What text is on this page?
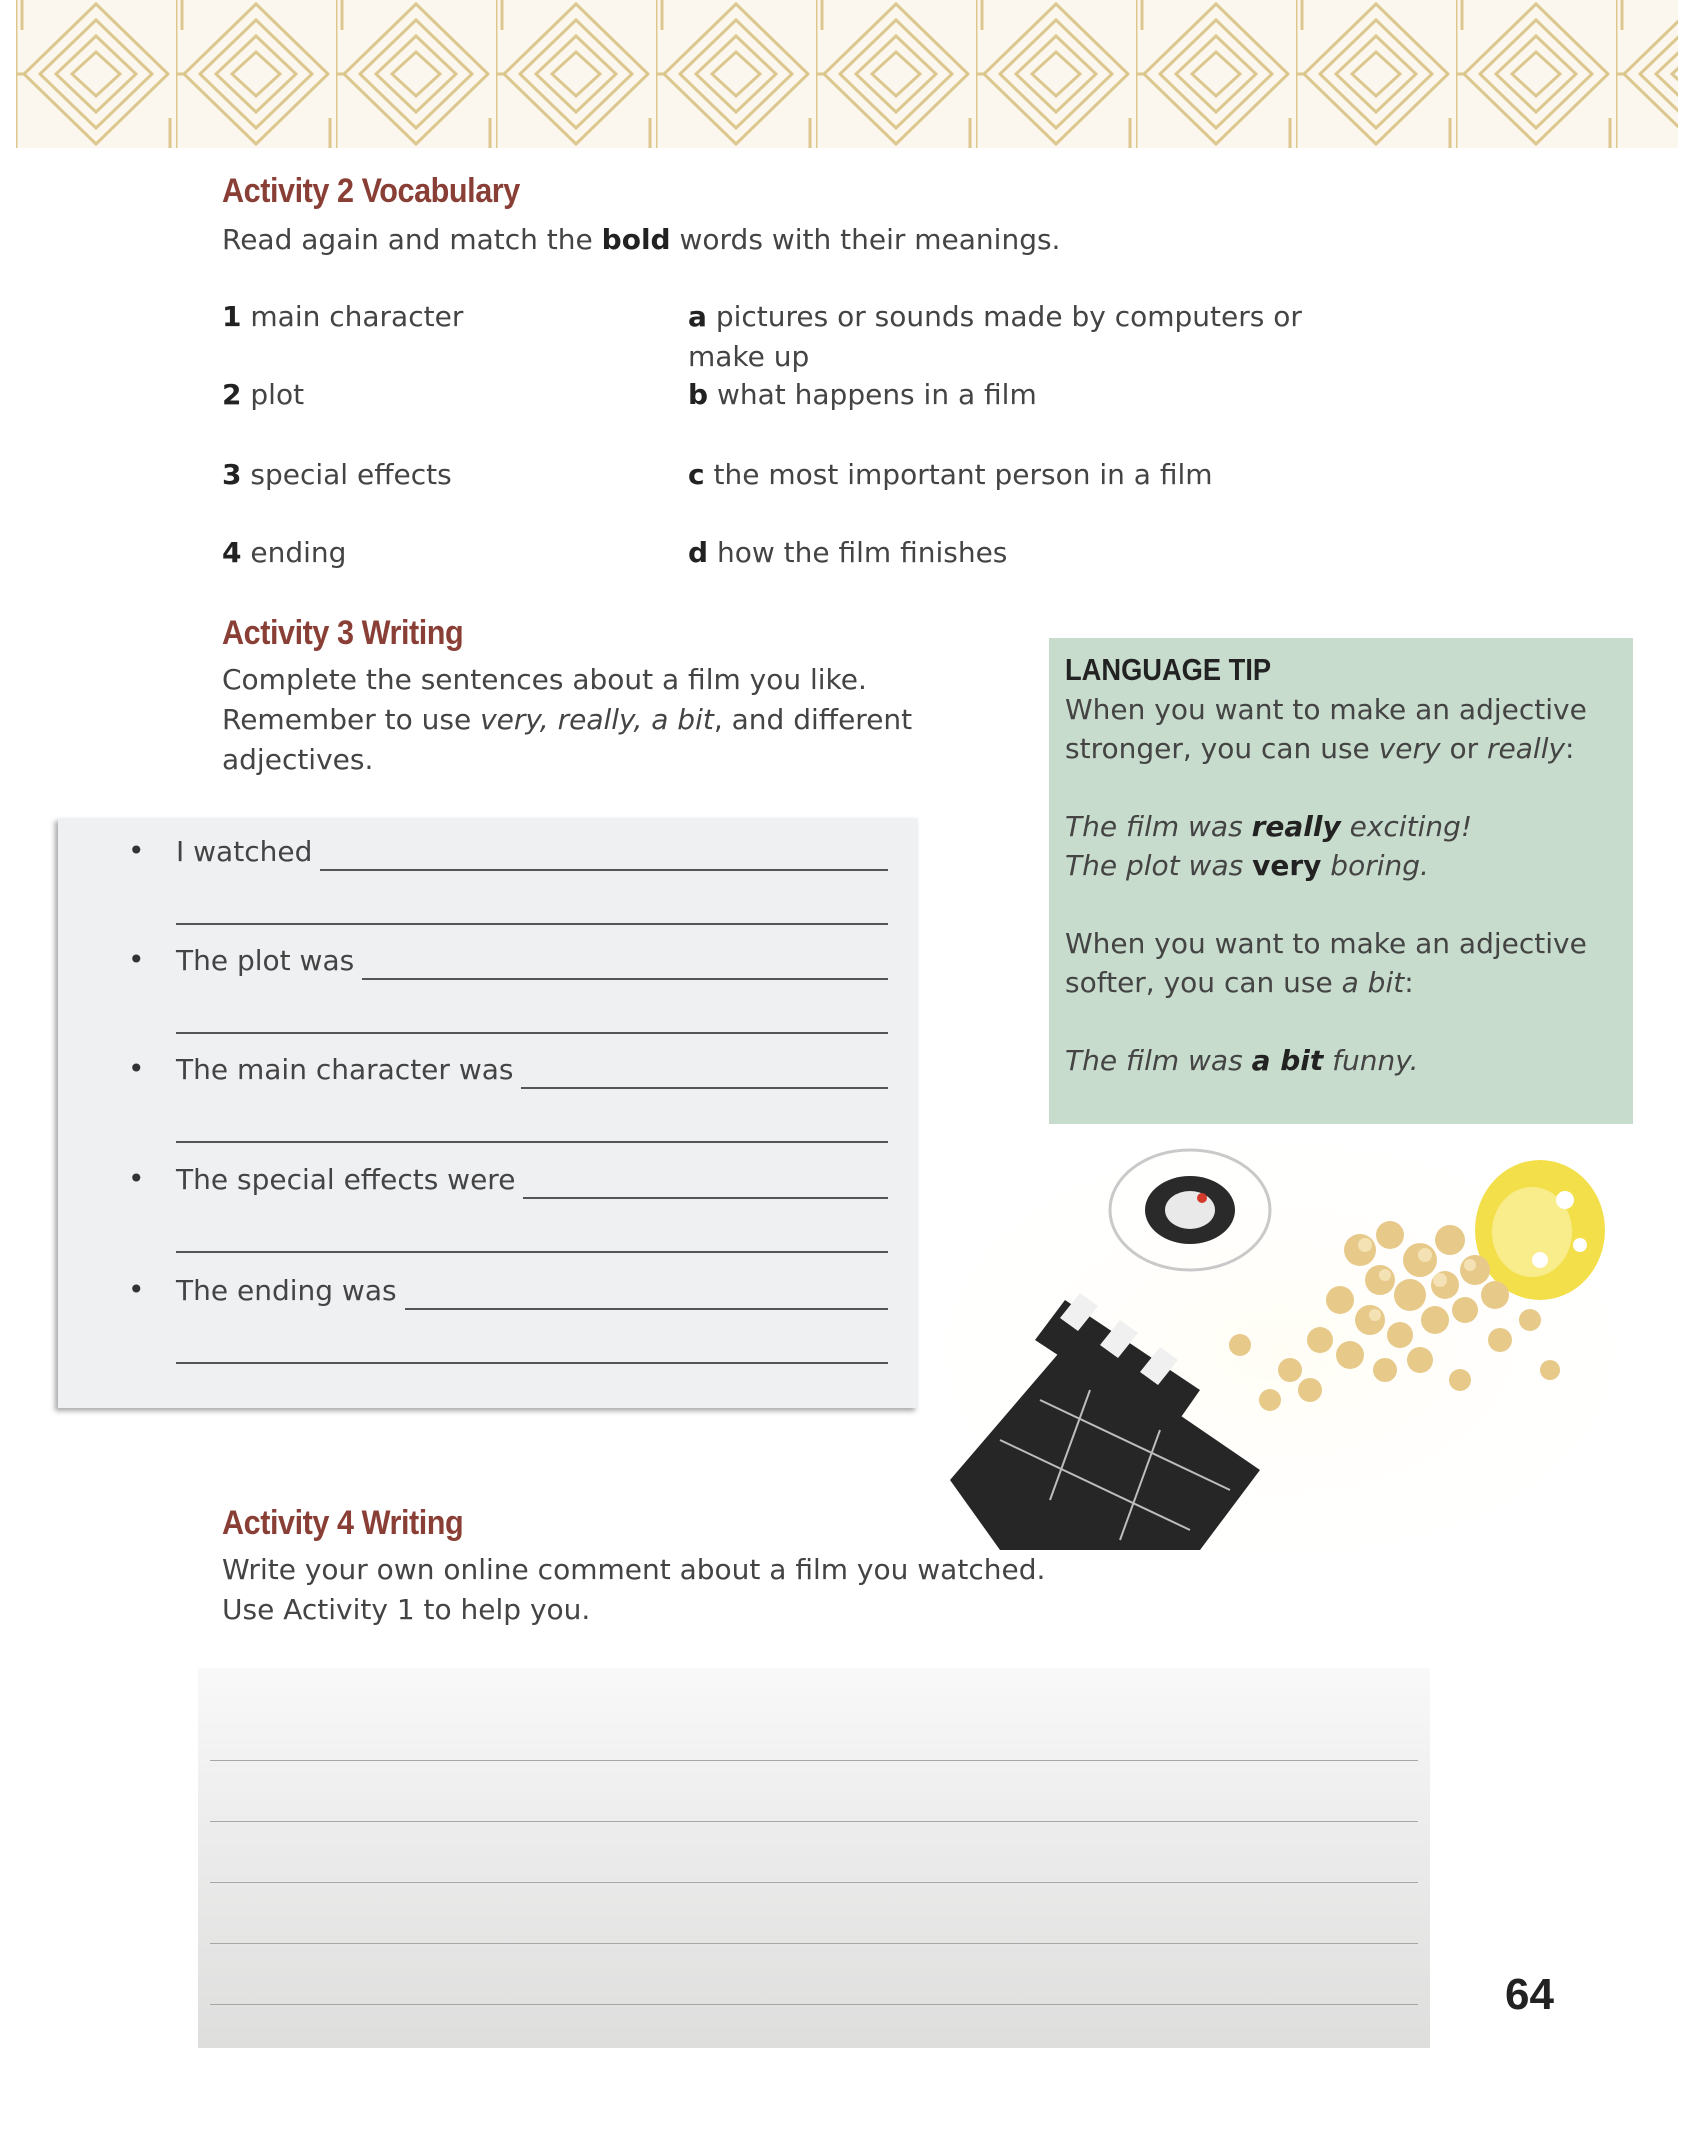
Activity 2 Vocabulary

Read again and match the bold words with their meanings.

1 main character
2 plot
3 special effects
4 ending
a pictures or sounds made by computers or
make up
b what happens in a film
c the most important person in a film
d how the film finishes
Activity 3 Writing

Complete the sentences about a film you like.
Remember to use very, really, a bit, and different
adjectives.

• I watched
• The plot was
• The main character was
• The special effects were
• The ending was
LANGUAGE TIP

When you want to make an adjective
stronger, you can use very or really:

The film was really exciting!
The plot was very boring.

When you want to make an adjective
softer, you can use a bit:

The film was a bit funny.

Activity 4 Writing

Write your own online comment about a film you watched.
Use Activity 1 to help you.

64
